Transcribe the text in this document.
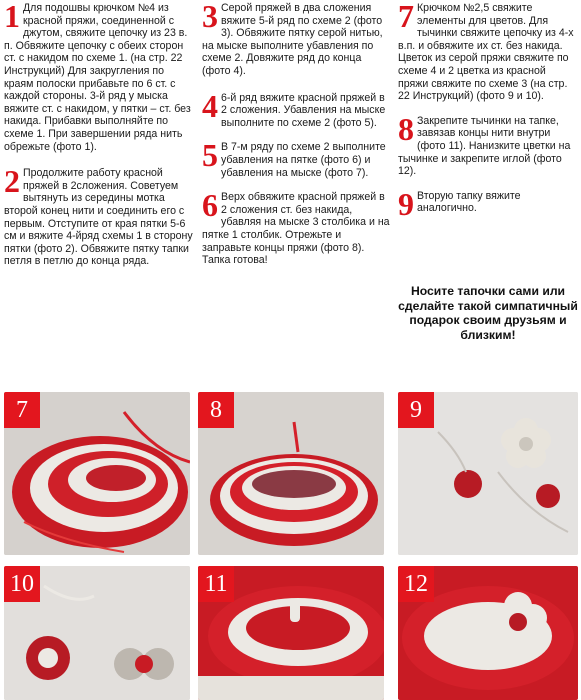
1 Для подошвы крючком №4 из красной пряжи, соединенной с джутом, свяжите цепочку из 23 в. п. Обвяжите цепочку с обеих сторон ст. с накидом по схеме 1. (на стр. 22 Инструкций) Для закругления по краям полоски прибавьте по 6 ст. с каждой стороны. 3-й ряд у мыска вяжите ст. с накидом, у пятки – ст. без накида. Прибавки выполняйте по схеме 1. При завершении ряда нить обрежьте (фото 1).
2 Продолжите работу красной пряжей в 2сложения. Советуем вытянуть из середины мотка второй конец нити и соединить его с первым. Отступите от края пятки 5-6 см и вяжите 4-йряд схемы 1 в сторону пятки (фото 2). Обвяжите пятку тапки петля в петлю до конца ряда.
3 Серой пряжей в два сложения вяжите 5-й ряд по схеме 2 (фото 3). Обвяжите пятку серой нитью, на мыске выполните убавления по схеме 2. Довяжите ряд до конца (фото 4).
4 6-й ряд вяжите красной пряжей в 2 сложения. Убавления на мыске выполните по схеме 2 (фото 5).
5 В 7-м ряду по схеме 2 выполните убавления на пятке (фото 6) и убавления на мыске (фото 7).
6 Верх обвяжите красной пряжей в 2 сложения ст. без накида, убавляя на мыске 3 столбика и на пятке 1 столбик. Отрежьте и заправьте концы пряжи (фото 8). Тапка готова!
7 Крючком №2,5 свяжите элементы для цветов. Для тычинки свяжите цепочку из 4-х в.п. и обвяжите их ст. без накида. Цветок из серой пряжи свяжите по схеме 4 и 2 цветка из красной пряжи свяжите по схеме 3 (на стр. 22 Инструкций) (фото 9 и 10).
8 Закрепите тычинки на тапке, завязав концы нити внутри (фото 11). Нанизките цветки на тычинке и закрепите иглой (фото 12).
9 Вторую тапку вяжите аналогично.
Носите тапочки сами или сделайте такой симпатичный подарок своим друзьям и близким!
7	8	9
10	11	12
